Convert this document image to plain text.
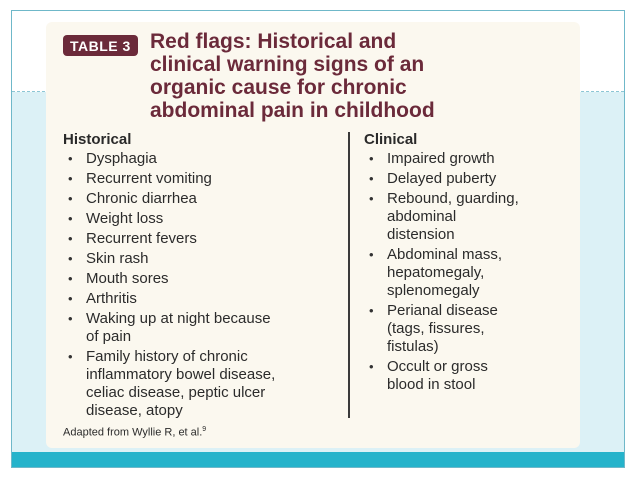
TABLE 3 Red flags: Historical and
clinical warning signs of an
organic cause for chronic
abdominal pain in childhood
Historical
• Dysphagia
• Recurrent vomiting
• Chronic diarrhea
• Weight loss
• Recurrent fevers
• Skin rash
• Mouth sores
• Arthritis
• Waking up at night because
of pain
• Family history of chronic
inflammatory bowel disease,
celiac disease, peptic ulcer
disease, atopy
Clinical
• Impaired growth
• Delayed puberty
• Rebound, guarding,
abdominal
distension
• Abdominal mass,
hepatomegaly,
splenomegaly
• Perianal disease
(tags, fissures,
fistulas)
• Occult or gross
blood in stool
Adapted from Wyllie R, et al.$^9$
